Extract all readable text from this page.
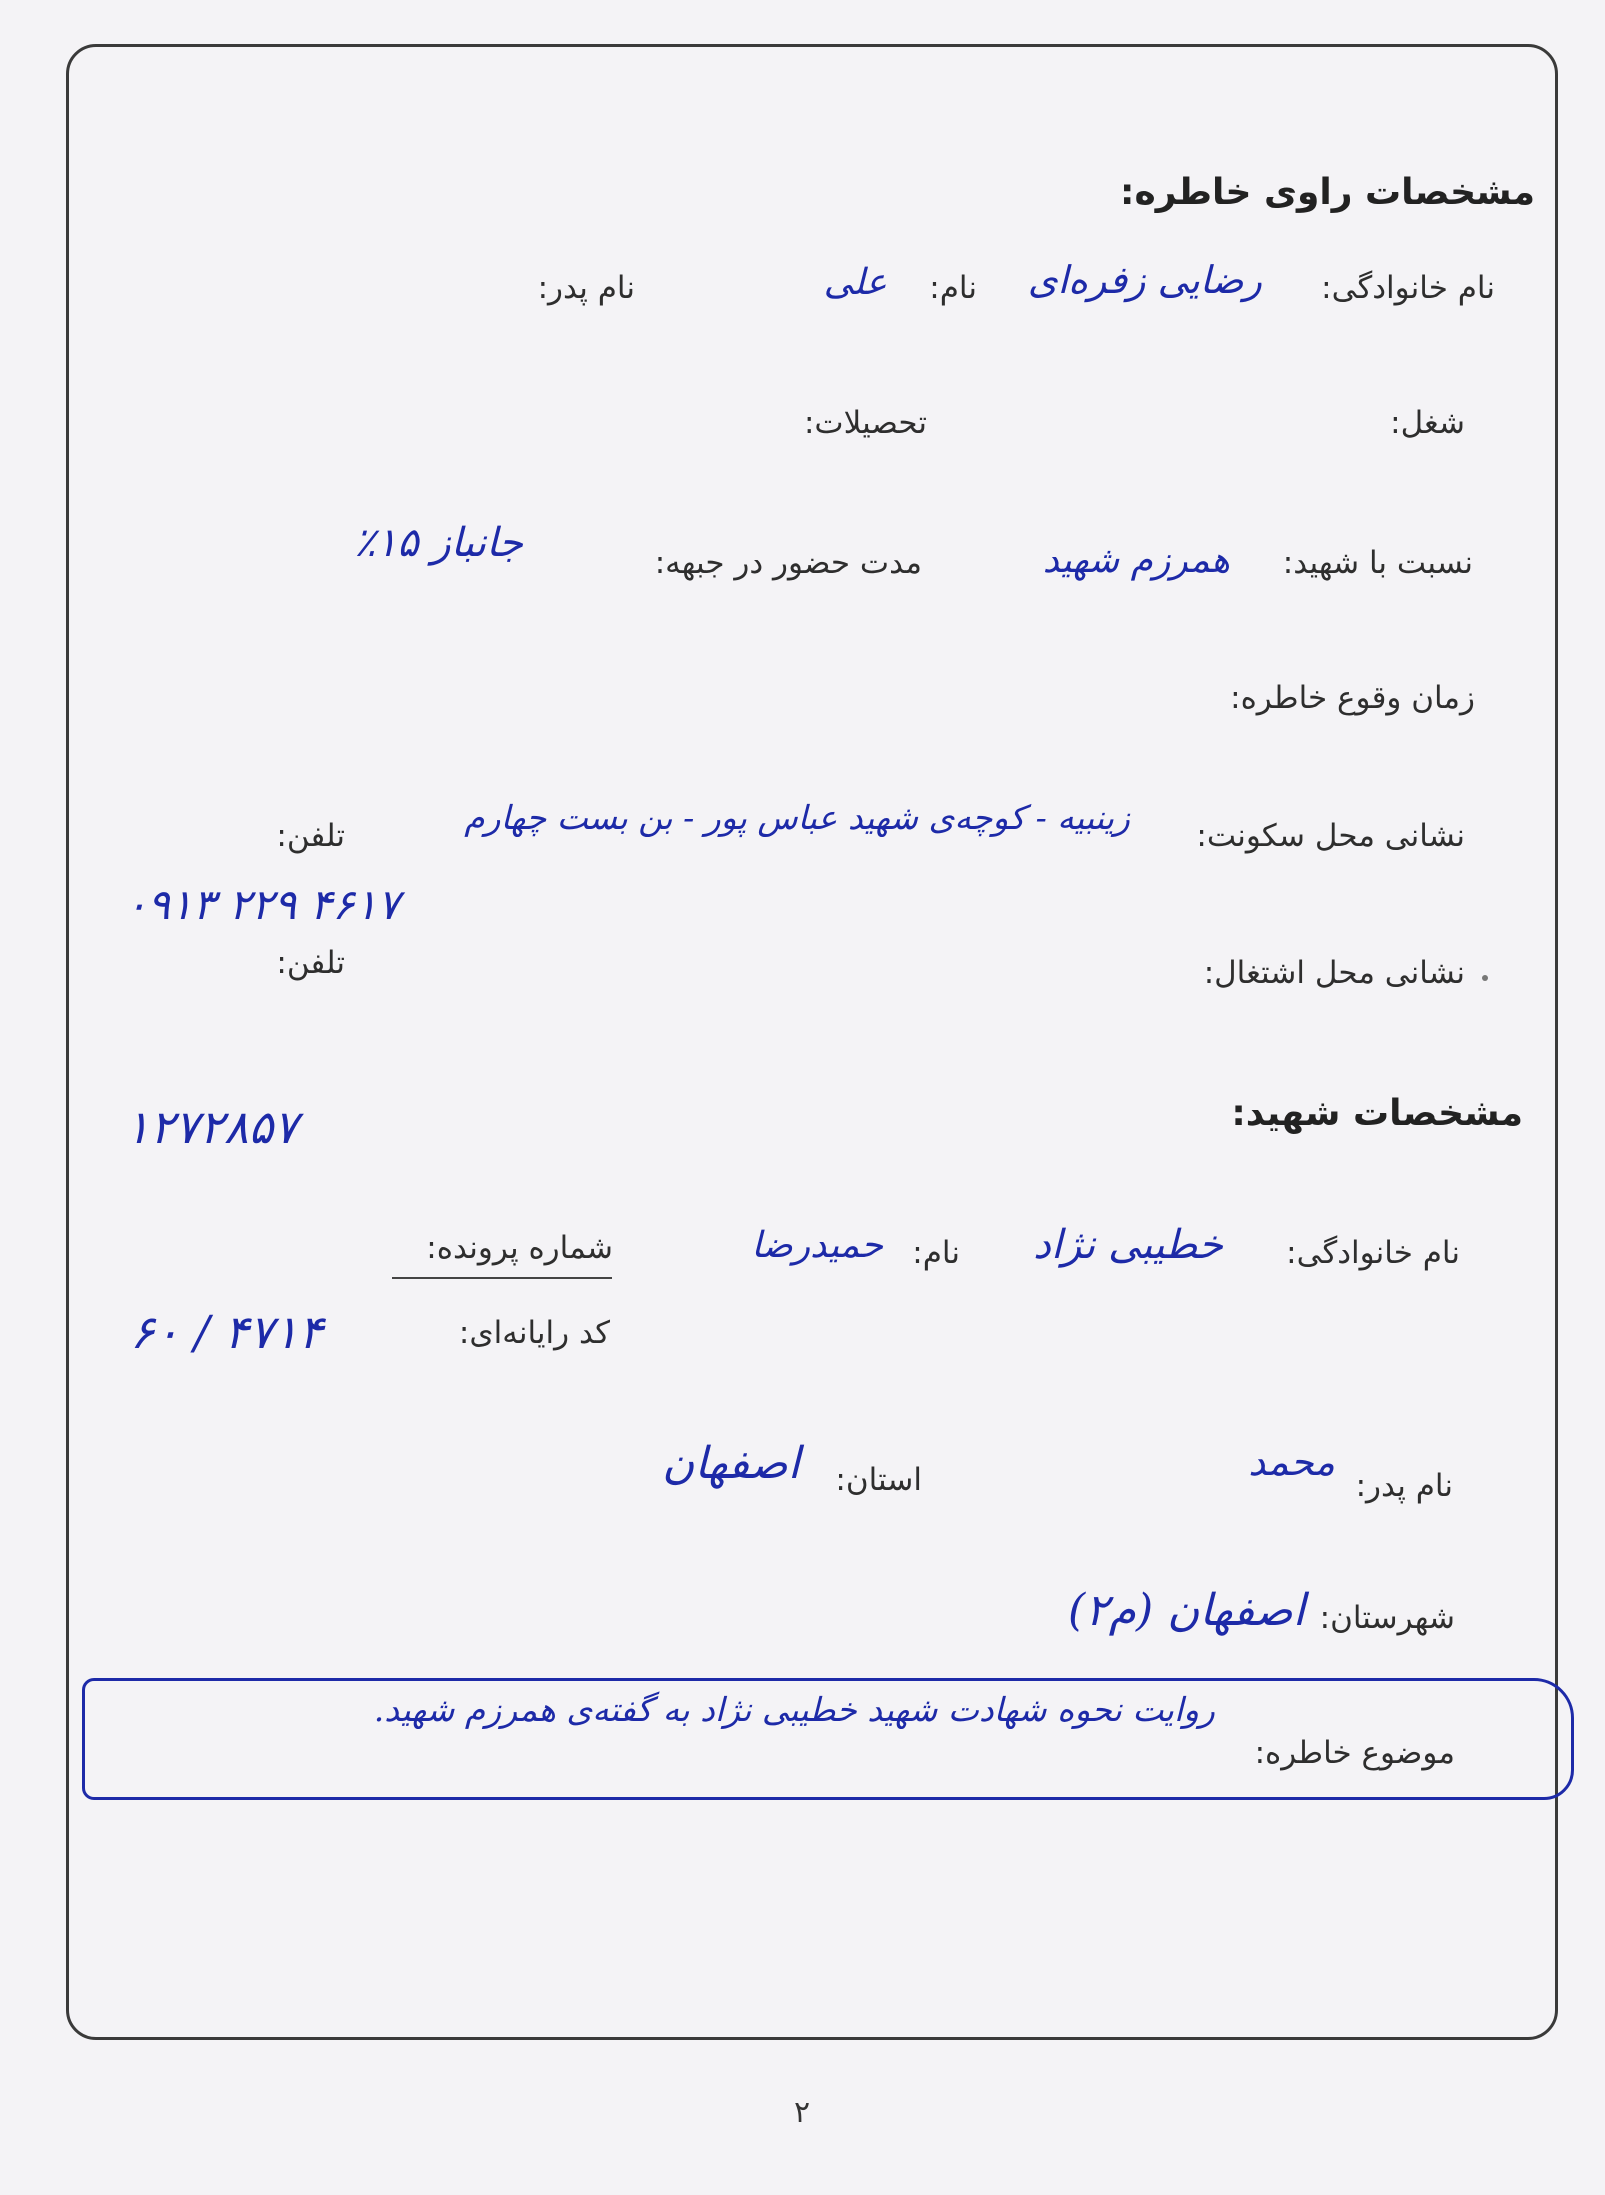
مشخصات راوی خاطره:
نام خانوادگی:
رضایی زفره‌ای
نام:
علی
نام پدر:
شغل:
تحصیلات:
نسبت با شهید:
همرزم شهید
مدت حضور در جبهه:
جانباز ۱۵٪
زمان وقوع خاطره:
نشانی محل سکونت:
زینبیه - کوچه‌ی شهید عباس پور - بن بست چهارم
تلفن:
۰۹۱۳ ۲۲۹ ۴۶۱۷
نشانی محل اشتغال:
تلفن:
مشخصات شهید:
۱۲۷۲۸۵۷
نام خانوادگی:
خطیبی نژاد
نام:
حمیدرضا
شماره پرونده:
کد رایانه‌ای:
۶۰ / ۴۷۱۴
نام پدر:
محمد
استان:
اصفهان
شهرستان:
اصفهان (م۲)
موضوع خاطره:
روایت نحوه شهادت شهید خطیبی نژاد به گفته‌ی همرزم شهید.
۲
